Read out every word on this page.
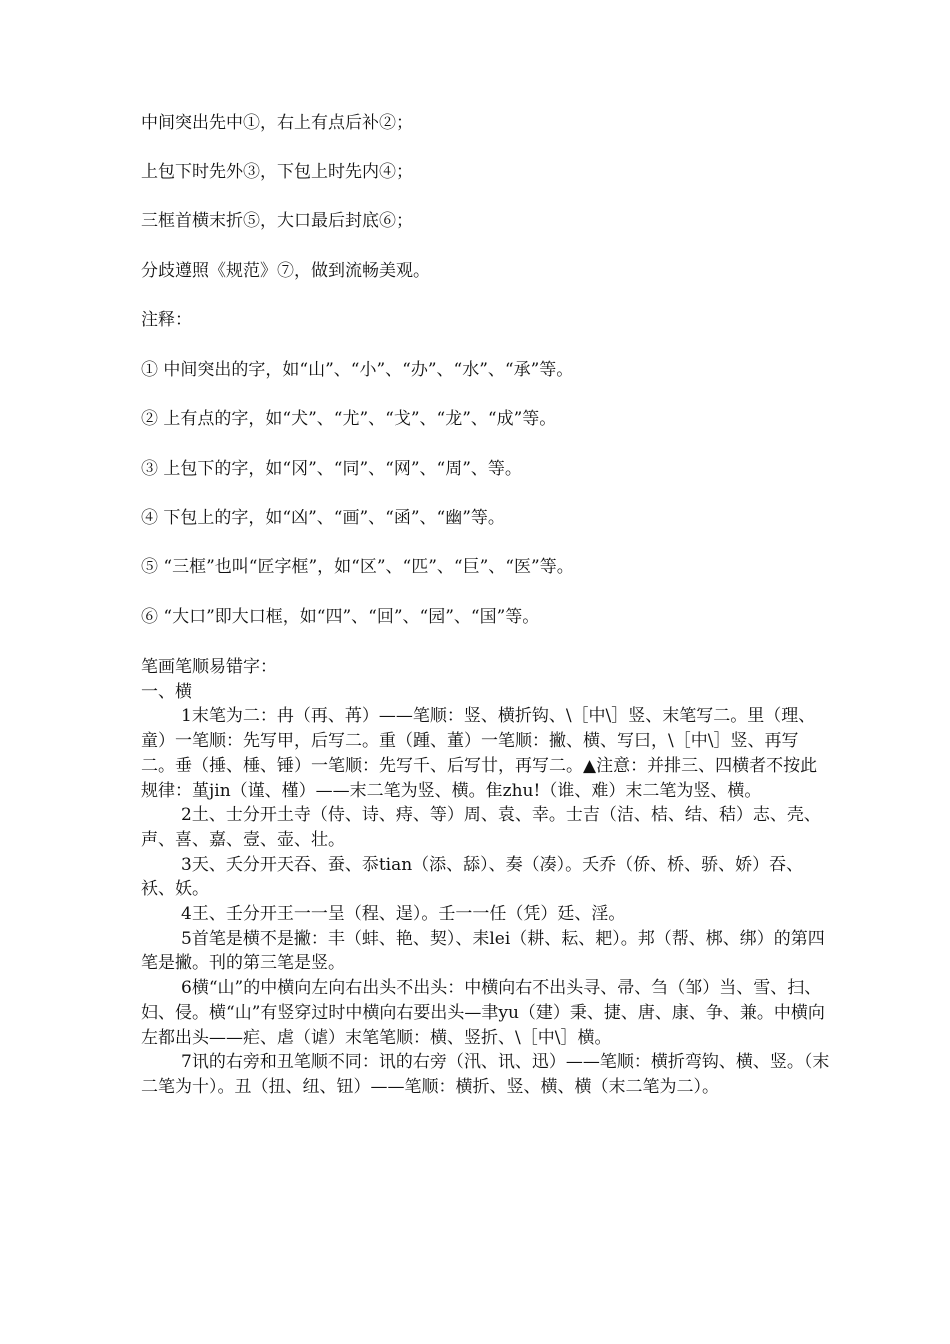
中间突出先中①，右上有点后补②；

上包下时先外③，下包上时先内④；

三框首横末折⑤，大口最后封底⑥；

分歧遵照《规范》⑦，做到流畅美观。

注释：

① 中间突出的字，如“山”、“小”、“办”、“水”、“承”等。

② 上有点的字，如“犬”、“尤”、“戈”、“龙”、“成”等。

③ 上包下的字，如“冈”、“同”、“网”、“周”、等。

④ 下包上的字，如“凶”、“画”、“函”、“幽”等。

⑤ “三框”也叫“匠字框”，如“区”、“匹”、“巨”、“医”等。

⑥ “大口”即大口框，如“四”、“回”、“园”、“国”等。

笔画笔顺易错字：

一、横

1末笔为二：冉（再、苒）——笔顺：竖、横折钩、\［中\］竖、末笔写二。里（理、童）一笔顺：先写甲，后写二。重（踵、董）一笔顺：撇、横、写曰，\［中\］竖、再写二。垂（捶、棰、锤）一笔顺：先写千、后写廿，再写二。▲注意：并排三、四横者不按此规律：堇jin（谨、槿）——末二笔为竖、横。隹zhu!（谁、难）末二笔为竖、横。

2土、士分开土寺（侍、诗、痔、等）周、袁、幸。士吉（洁、桔、结、秸）志、壳、声、喜、嘉、壹、壶、壮。

3天、夭分开天吞、蚕、忝tian（添、舔）、奏（凑）。夭乔（侨、桥、骄、娇）吞、袄、妖。

4王、壬分开王一一呈（程、逞）。壬一一任（凭）廷、淫。

5首笔是横不是撇：丰（蚌、艳、契）、耒lei（耕、耘、耙）。邦（帮、梆、绑）的第四笔是撇。刊的第三笔是竖。

6横“山”的中横向左向右出头不出头：中横向右不出头寻、帚、刍（邹）当、雪、扫、妇、侵。横“山”有竖穿过时中横向右要出头—聿yu（建）秉、捷、唐、康、争、兼。中横向左都出头——疟、虐（谑）末笔笔顺：横、竖折、\［中\］横。

7讯的右旁和丑笔顺不同：讯的右旁（汛、讯、迅）——笔顺：横折弯钩、横、竖。（末二笔为十）。丑（扭、纽、钮）——笔顺：横折、竖、横、横（末二笔为二）。
